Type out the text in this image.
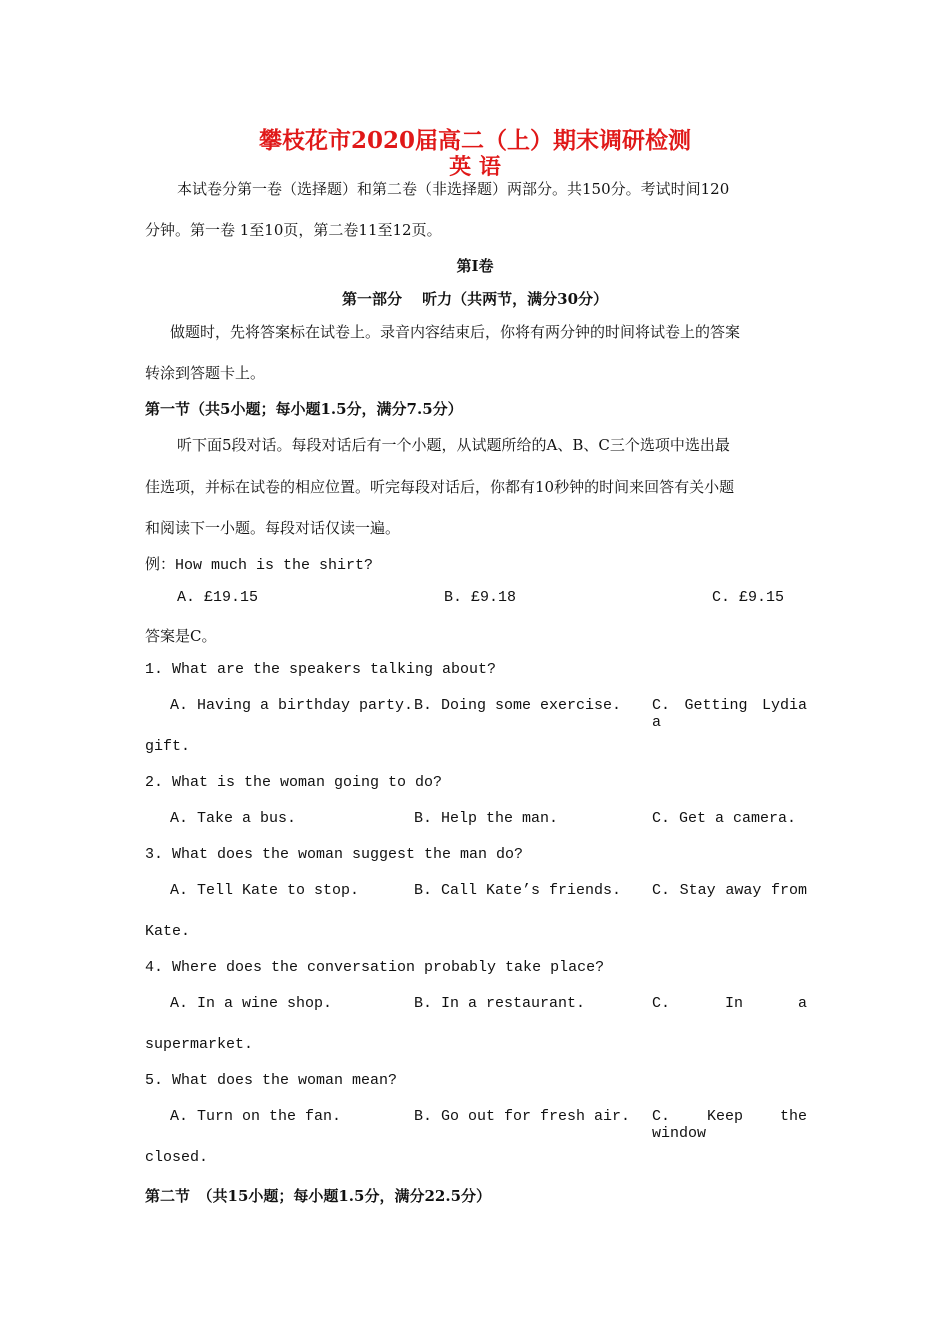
攀枝花市2020届高二（上）期末调研检测
英 语
本试卷分第一卷（选择题）和第二卷（非选择题）两部分。共150分。考试时间120
分钟。第一卷 1至10页，第二卷11至12页。
第Ⅰ卷
第一部分　 听力（共两节，满分30分）
做题时，先将答案标在试卷上。录音内容结束后，你将有两分钟的时间将试卷上的答案
转涂到答题卡上。
第一节（共5小题；每小题1.5分，满分7.5分）
听下面5段对话。每段对话后有一个小题，从试题所给的A、B、C三个选项中选出最
佳选项，并标在试卷的相应位置。听完每段对话后，你都有10秒钟的时间来回答有关小题
和阅读下一小题。每段对话仅读一遍。
例：How much is the shirt?
A. £19.15	B. £9.18	C. £9.15
答案是C。
1. What are the speakers talking about?
A. Having a birthday party. B. Doing some exercise. C. Getting Lydia a
gift.
2. What is the woman going to do?
A. Take a bus.	B. Help the man.	C. Get a camera.
3. What does the woman suggest the man do?
A. Tell Kate to stop.	B. Call Kate’s friends. C. Stay away from
Kate.
4. Where does the conversation probably take place?
A. In a wine shop.	B. In a restaurant.	C. In a
supermarket.
5. What does the woman mean?
A. Turn on the fan.	B. Go out for fresh air. C. Keep the window
closed.
第二节　（共15小题；每小题1.5分，满分22.5分）
